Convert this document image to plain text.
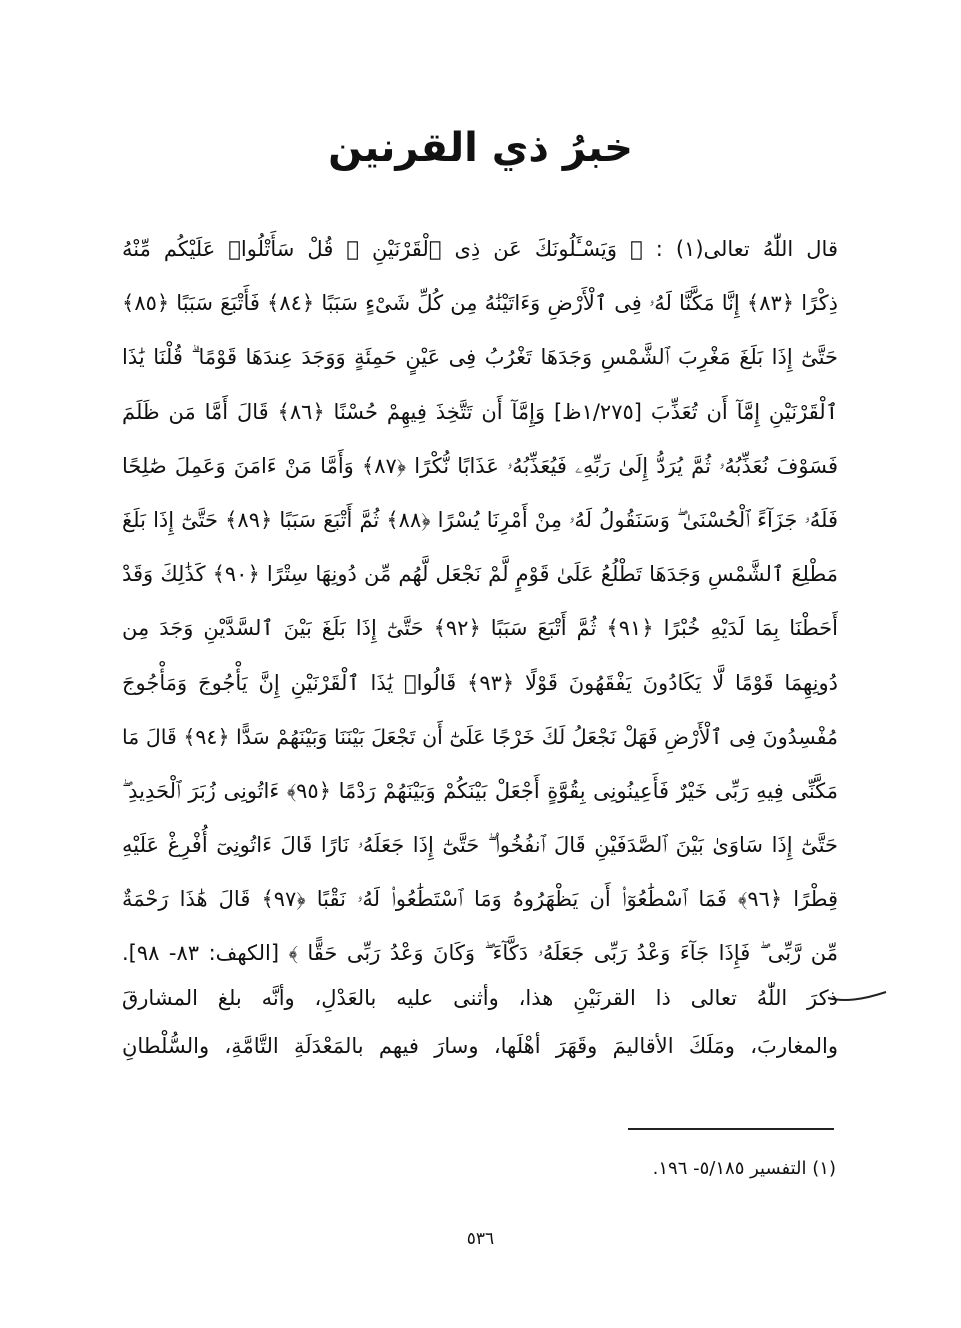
خبرُ ذي القرنين
قال اللّٰهُ تعالى(١) : ﴿ وَيَسْـَٔلُونَكَ عَن ذِى ٱلْقَرْنَيْنِ ۖ قُلْ سَأَتْلُوا۟ عَلَيْكُم مِّنْهُ
ذِكْرًا ﴿٨٣﴾ إِنَّا مَكَّنَّا لَهُۥ فِى ٱلْأَرْضِ وَءَاتَيْنَٰهُ مِن كُلِّ شَىْءٍ سَبَبًا ﴿٨٤﴾ فَأَتْبَعَ سَبَبًا ﴿٨٥﴾
حَتَّىٰٓ إِذَا بَلَغَ مَغْرِبَ ٱلشَّمْسِ وَجَدَهَا تَغْرُبُ فِى عَيْنٍ حَمِئَةٍ وَوَجَدَ عِندَهَا قَوْمًا ۗ قُلْنَا يَٰذَا
ٱلْقَرْنَيْنِ إِمَّآ أَن تُعَذِّبَ [١/٢٧٥ظ] وَإِمَّآ أَن تَتَّخِذَ فِيهِمْ حُسْنًا ﴿٨٦﴾ قَالَ أَمَّا مَن ظَلَمَ
فَسَوْفَ نُعَذِّبُهُۥ ثُمَّ يُرَدُّ إِلَىٰ رَبِّهِۦ فَيُعَذِّبُهُۥ عَذَابًا نُّكْرًا ﴿٨٧﴾ وَأَمَّا مَنْ ءَامَنَ وَعَمِلَ صَٰلِحًا
فَلَهُۥ جَزَآءً ٱلْحُسْنَىٰ ۖ وَسَنَقُولُ لَهُۥ مِنْ أَمْرِنَا يُسْرًا ﴿٨٨﴾ ثُمَّ أَتْبَعَ سَبَبًا ﴿٨٩﴾ حَتَّىٰٓ إِذَا بَلَغَ
مَطْلِعَ ٱلشَّمْسِ وَجَدَهَا تَطْلُعُ عَلَىٰ قَوْمٍ لَّمْ نَجْعَل لَّهُم مِّن دُونِهَا سِتْرًا ﴿٩٠﴾ كَذَٰلِكَ وَقَدْ
أَحَطْنَا بِمَا لَدَيْهِ خُبْرًا ﴿٩١﴾ ثُمَّ أَتْبَعَ سَبَبًا ﴿٩٢﴾ حَتَّىٰٓ إِذَا بَلَغَ بَيْنَ ٱلسَّدَّيْنِ وَجَدَ مِن
دُونِهِمَا قَوْمًا لَّا يَكَادُونَ يَفْقَهُونَ قَوْلًا ﴿٩٣﴾ قَالُوا۟ يَٰذَا ٱلْقَرْنَيْنِ إِنَّ يَأْجُوجَ وَمَأْجُوجَ
مُفْسِدُونَ فِى ٱلْأَرْضِ فَهَلْ نَجْعَلُ لَكَ خَرْجًا عَلَىٰٓ أَن تَجْعَلَ بَيْنَنَا وَبَيْنَهُمْ سَدًّا ﴿٩٤﴾ قَالَ مَا
مَكَّنِّى فِيهِ رَبِّى خَيْرٌ فَأَعِينُونِى بِقُوَّةٍ أَجْعَلْ بَيْنَكُمْ وَبَيْنَهُمْ رَدْمًا ﴿٩٥﴾ ءَاتُونِى زُبَرَ ٱلْحَدِيدِ ۖ
حَتَّىٰٓ إِذَا سَاوَىٰ بَيْنَ ٱلصَّدَفَيْنِ قَالَ ٱنفُخُوا۟ ۖ حَتَّىٰٓ إِذَا جَعَلَهُۥ نَارًا قَالَ ءَاتُونِىٓ أُفْرِغْ عَلَيْهِ
قِطْرًا ﴿٩٦﴾ فَمَا ٱسْطَٰعُوٓا۟ أَن يَظْهَرُوهُ وَمَا ٱسْتَطَٰعُوا۟ لَهُۥ نَقْبًا ﴿٩٧﴾ قَالَ هَٰذَا رَحْمَةٌ
مِّن رَّبِّى ۖ فَإِذَا جَآءَ وَعْدُ رَبِّى جَعَلَهُۥ دَكَّآءَ ۖ وَكَانَ وَعْدُ رَبِّى حَقًّا ﴾ [الكهف: ٨٣- ٩٨].
ذكرَ اللّٰهُ تعالى ذا القرنَيْنِ هذا، وأثنى عليه بالعَدْلِ، وأنَّه بلغ المشارقَ
والمغاربَ، ومَلَكَ الأقاليمَ وقَهَرَ أهْلَها، وسارَ فيهم بالمَعْدَلَةِ التَّامَّةِ، والسُّلْطانِ
(١) التفسير ٥/١٨٥- ١٩٦.
٥٣٦
